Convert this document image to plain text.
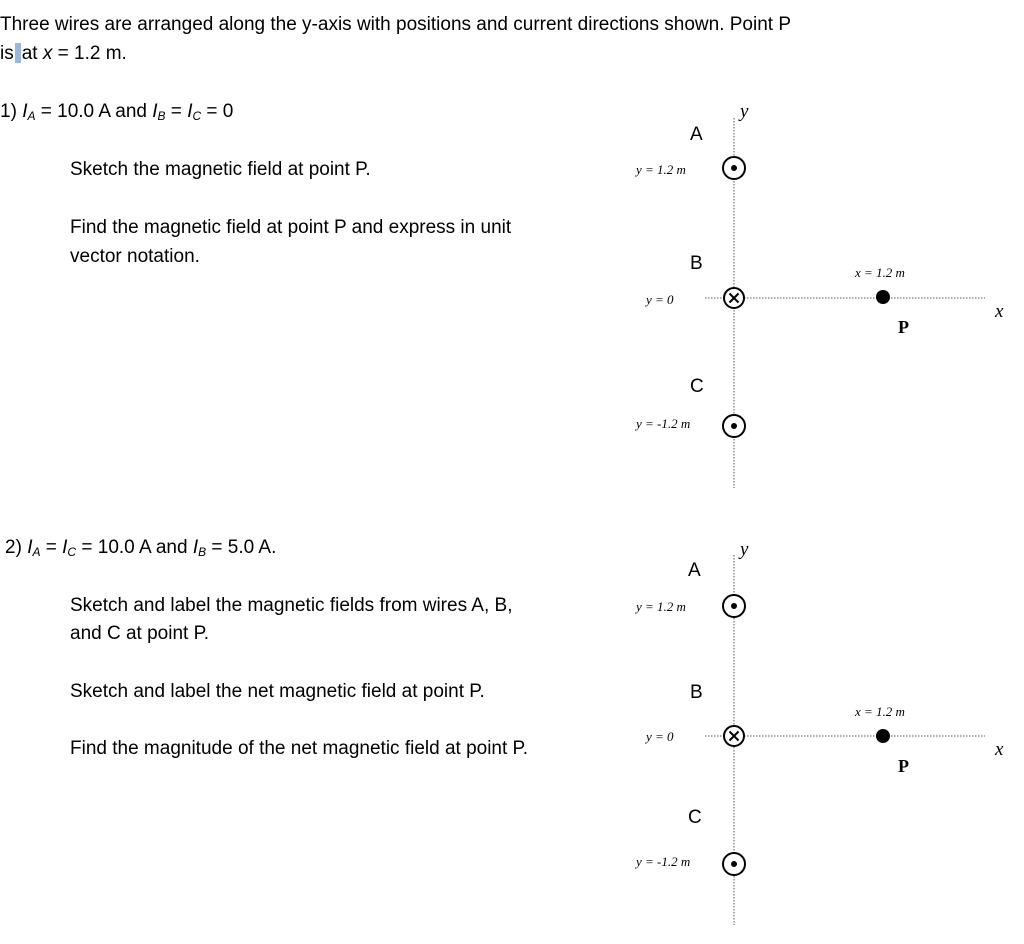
Three wires are arranged along the y-axis with positions and current directions shown. Point P
is at x = 1.2 m.
1) $I_A = 10.0$ A and $I_B = I_C = 0$
Sketch the magnetic field at point P.
Find the magnetic field at point P and express in unit
vector notation.
2) $I_A = I_C = 10.0$ A and $I_B = 5.0$ A.
Sketch and label the magnetic fields from wires A, B,
and C at point P.
Sketch and label the net magnetic field at point P.
Find the magnitude of the net magnetic field at point P.
y
x
A
y = 1.2 m
B
y = 0
C
y = -1.2 m
x = 1.2 m
P
y
x
A
y = 1.2 m
B
y = 0
C
y = -1.2 m
x = 1.2 m
P
